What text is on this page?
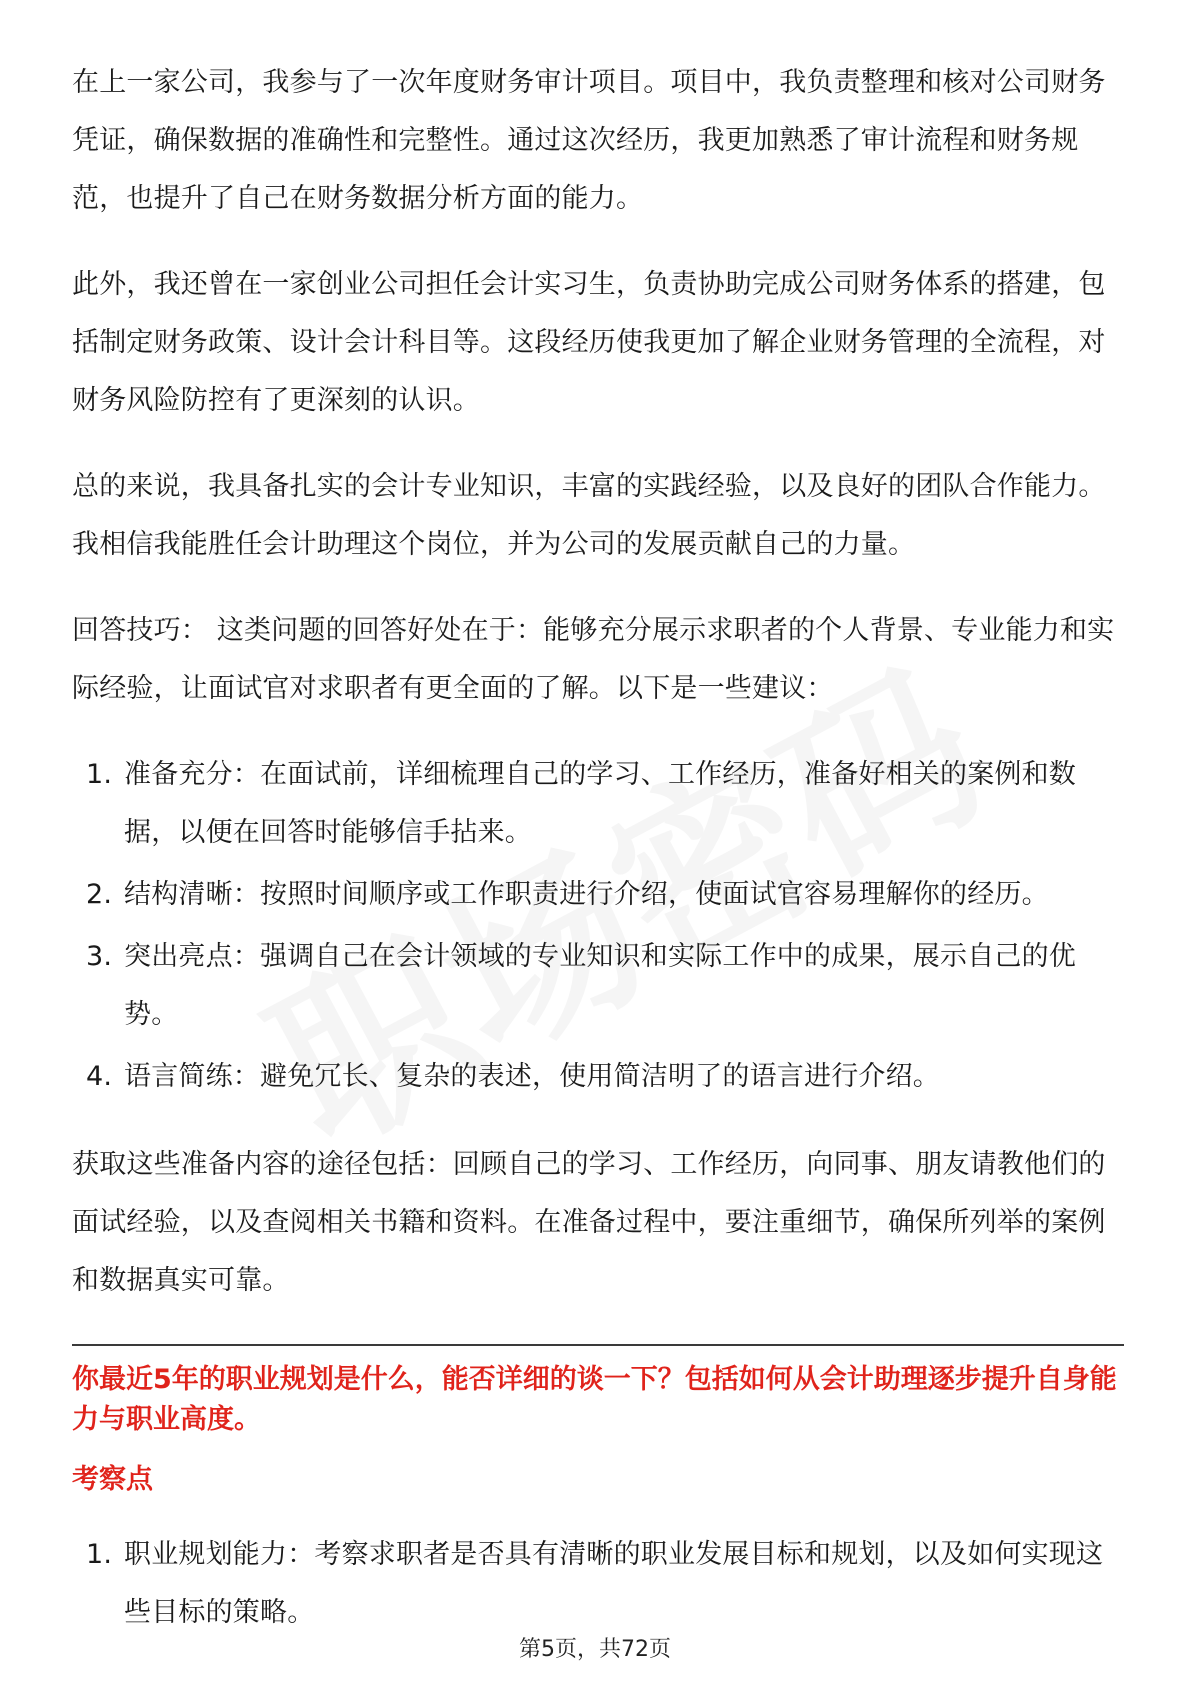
在上一家公司，我参与了一次年度财务审计项目。项目中，我负责整理和核对公司财务凭证，确保数据的准确性和完整性。通过这次经历，我更加熟悉了审计流程和财务规范，也提升了自己在财务数据分析方面的能力。

此外，我还曾在一家创业公司担任会计实习生，负责协助完成公司财务体系的搭建，包括制定财务政策、设计会计科目等。这段经历使我更加了解企业财务管理的全流程，对财务风险防控有了更深刻的认识。

总的来说，我具备扎实的会计专业知识，丰富的实践经验，以及良好的团队合作能力。我相信我能胜任会计助理这个岗位，并为公司的发展贡献自己的力量。

回答技巧： 这类问题的回答好处在于：能够充分展示求职者的个人背景、专业能力和实际经验，让面试官对求职者有更全面的了解。以下是一些建议：

1. 准备充分：在面试前，详细梳理自己的学习、工作经历，准备好相关的案例和数据，以便在回答时能够信手拈来。
2. 结构清晰：按照时间顺序或工作职责进行介绍，使面试官容易理解你的经历。
3. 突出亮点：强调自己在会计领域的专业知识和实际工作中的成果，展示自己的优势。
4. 语言简练：避免冗长、复杂的表述，使用简洁明了的语言进行介绍。

获取这些准备内容的途径包括：回顾自己的学习、工作经历，向同事、朋友请教他们的面试经验，以及查阅相关书籍和资料。在准备过程中，要注重细节，确保所列举的案例和数据真实可靠。

你最近5年的职业规划是什么，能否详细的谈一下？包括如何从会计助理逐步提升自身能力与职业高度。
考察点
1. 职业规划能力：考察求职者是否具有清晰的职业发展目标和规划，以及如何实现这些目标的策略。
第5页，共72页
